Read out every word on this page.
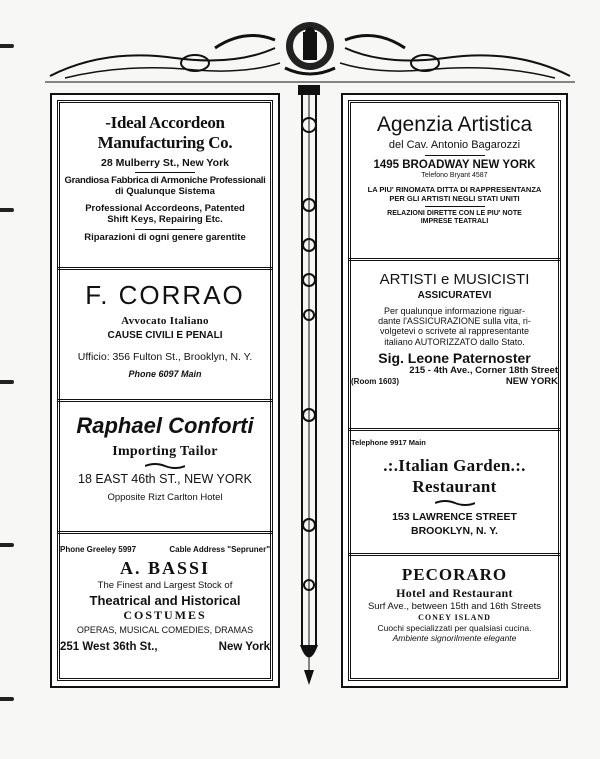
-Ideal Accordeon Manufacturing Co.
28 Mulberry St., New York
Grandiosa Fabbrica di Armoniche Professionali
di Qualunque Sistema
Professional Accordeons, Patented
Shift Keys, Repairing Etc.
Riparazioni di ogni genere garentite
F. CORRAO
Avvocato Italiano
CAUSE CIVILI E PENALI
Ufficio: 356 Fulton St., Brooklyn, N. Y.
Phone 6097 Main
Raphael Conforti
Importing Tailor
18 EAST 46th ST., NEW YORK
Opposite Rizt Carlton Hotel
Phone Greeley 5997	Cable Address "Sepruner"
A. BASSI
The Finest and Largest Stock of
Theatrical and Historical
COSTUMES
OPERAS, MUSICAL COMEDIES, DRAMAS
251 West 36th St.,	New York
Agenzia Artistica
del Cav. Antonio Bagarozzi
1495 BROADWAY NEW YORK
Telefono Bryant 4587
LA PIU' RINOMATA DITTA DI RAPPRESENTANZA
PER GLI ARTISTI NEGLI STATI UNITI
RELAZIONI DIRETTE CON LE PIU' NOTE
IMPRESE TEATRALI
ARTISTI e MUSICISTI
ASSICURATEVI
Per qualunque informazione riguar-
dante l'ASSICURAZIONE sulla vita, ri-
volgetevi o scrivete al rappresentante
italiano AUTORIZZATO dallo Stato.
Sig. Leone Paternoster
215 - 4th Ave., Corner 18th Street
(Room 1603)	NEW YORK
Telephone 9917 Main
.:.Italian Garden.:.
Restaurant
153 LAWRENCE STREET
BROOKLYN, N. Y.
PECORARO
Hotel and Restaurant
Surf Ave., between 15th and 16th Streets
CONEY ISLAND
Cuochi specializzati per qualsiasi cucina.
Ambiente signorilmente elegante
